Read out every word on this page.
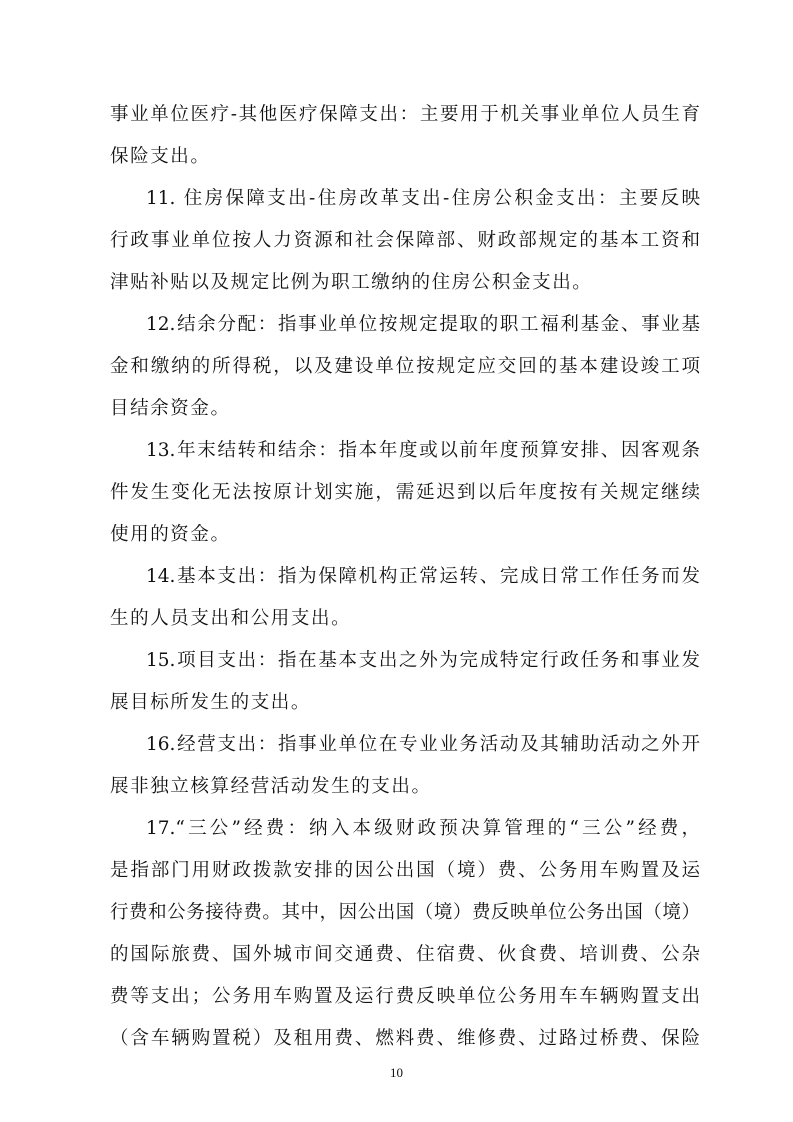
事业单位医疗-其他医疗保障支出：主要用于机关事业单位人员生育
保险支出。
11. 住房保障支出-住房改革支出-住房公积金支出：主要反映
行政事业单位按人力资源和社会保障部、财政部规定的基本工资和
津贴补贴以及规定比例为职工缴纳的住房公积金支出。
12.结余分配：指事业单位按规定提取的职工福利基金、事业基
金和缴纳的所得税，以及建设单位按规定应交回的基本建设竣工项
目结余资金。
13.年末结转和结余：指本年度或以前年度预算安排、因客观条
件发生变化无法按原计划实施，需延迟到以后年度按有关规定继续
使用的资金。
14.基本支出：指为保障机构正常运转、完成日常工作任务而发
生的人员支出和公用支出。
15.项目支出：指在基本支出之外为完成特定行政任务和事业发
展目标所发生的支出。
16.经营支出：指事业单位在专业业务活动及其辅助活动之外开
展非独立核算经营活动发生的支出。
17.“三公”经费：纳入本级财政预决算管理的“三公”经费，
是指部门用财政拨款安排的因公出国（境）费、公务用车购置及运
行费和公务接待费。其中，因公出国（境）费反映单位公务出国（境）
的国际旅费、国外城市间交通费、住宿费、伙食费、培训费、公杂
费等支出；公务用车购置及运行费反映单位公务用车车辆购置支出
（含车辆购置税）及租用费、燃料费、维修费、过路过桥费、保险
10
